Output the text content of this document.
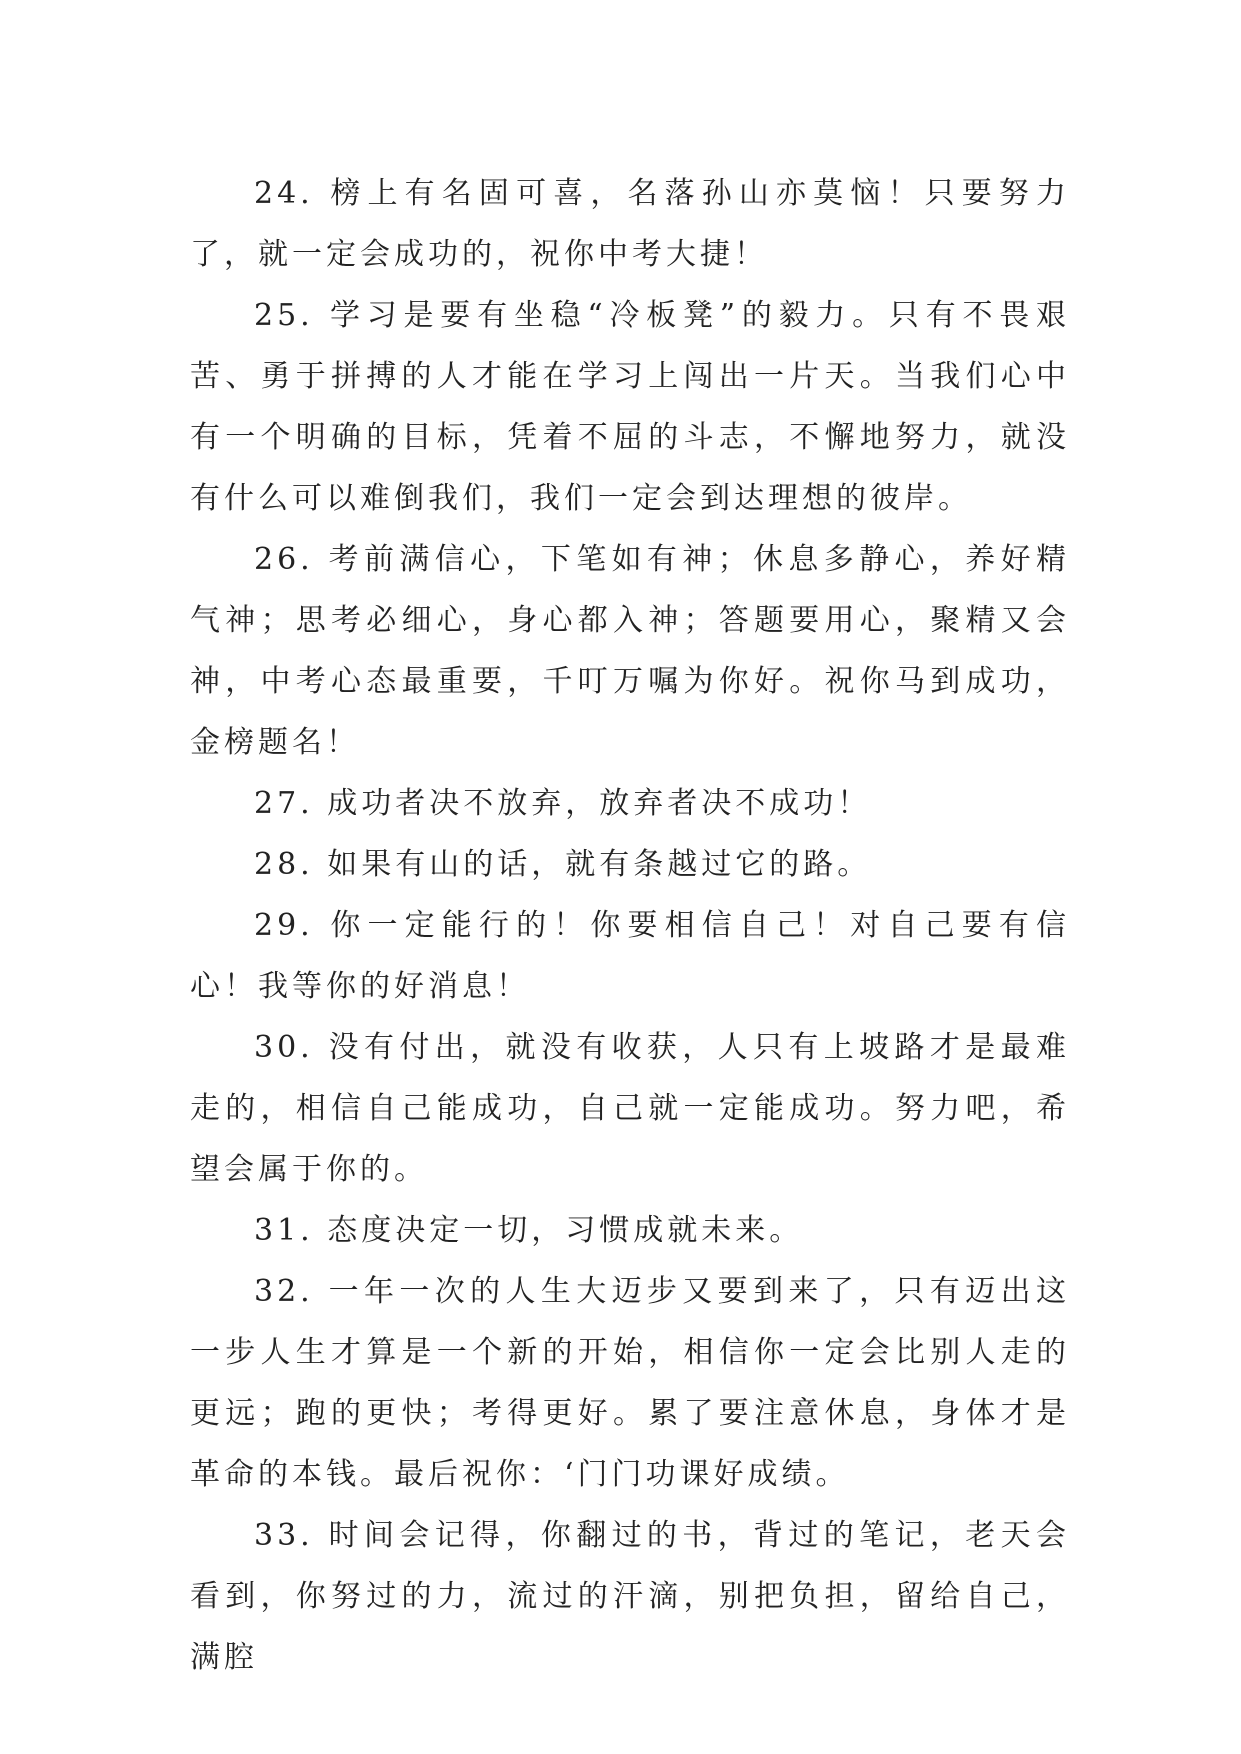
24. 榜上有名固可喜，名落孙山亦莫恼！只要努力了，就一定会成功的，祝你中考大捷！

25. 学习是要有坐稳“冷板凳”的毅力。只有不畏艰苦、勇于拼搏的人才能在学习上闯出一片天。当我们心中有一个明确的目标，凭着不屈的斗志，不懈地努力，就没有什么可以难倒我们，我们一定会到达理想的彼岸。

26. 考前满信心，下笔如有神；休息多静心，养好精气神；思考必细心，身心都入神；答题要用心，聚精又会神，中考心态最重要，千叮万嘱为你好。祝你马到成功，金榜题名！

27. 成功者决不放弃，放弃者决不成功！

28. 如果有山的话，就有条越过它的路。

29. 你一定能行的！你要相信自己！对自己要有信心！我等你的好消息！

30. 没有付出，就没有收获，人只有上坡路才是最难走的，相信自己能成功，自己就一定能成功。努力吧，希望会属于你的。

31. 态度决定一切，习惯成就未来。

32. 一年一次的人生大迈步又要到来了，只有迈出这一步人生才算是一个新的开始，相信你一定会比别人走的更远；跑的更快；考得更好。累了要注意休息，身体才是革命的本钱。最后祝你：‘门门功课好成绩。

33. 时间会记得，你翻过的书，背过的笔记，老天会看到，你努过的力，流过的汗滴，别把负担，留给自己，满腔
